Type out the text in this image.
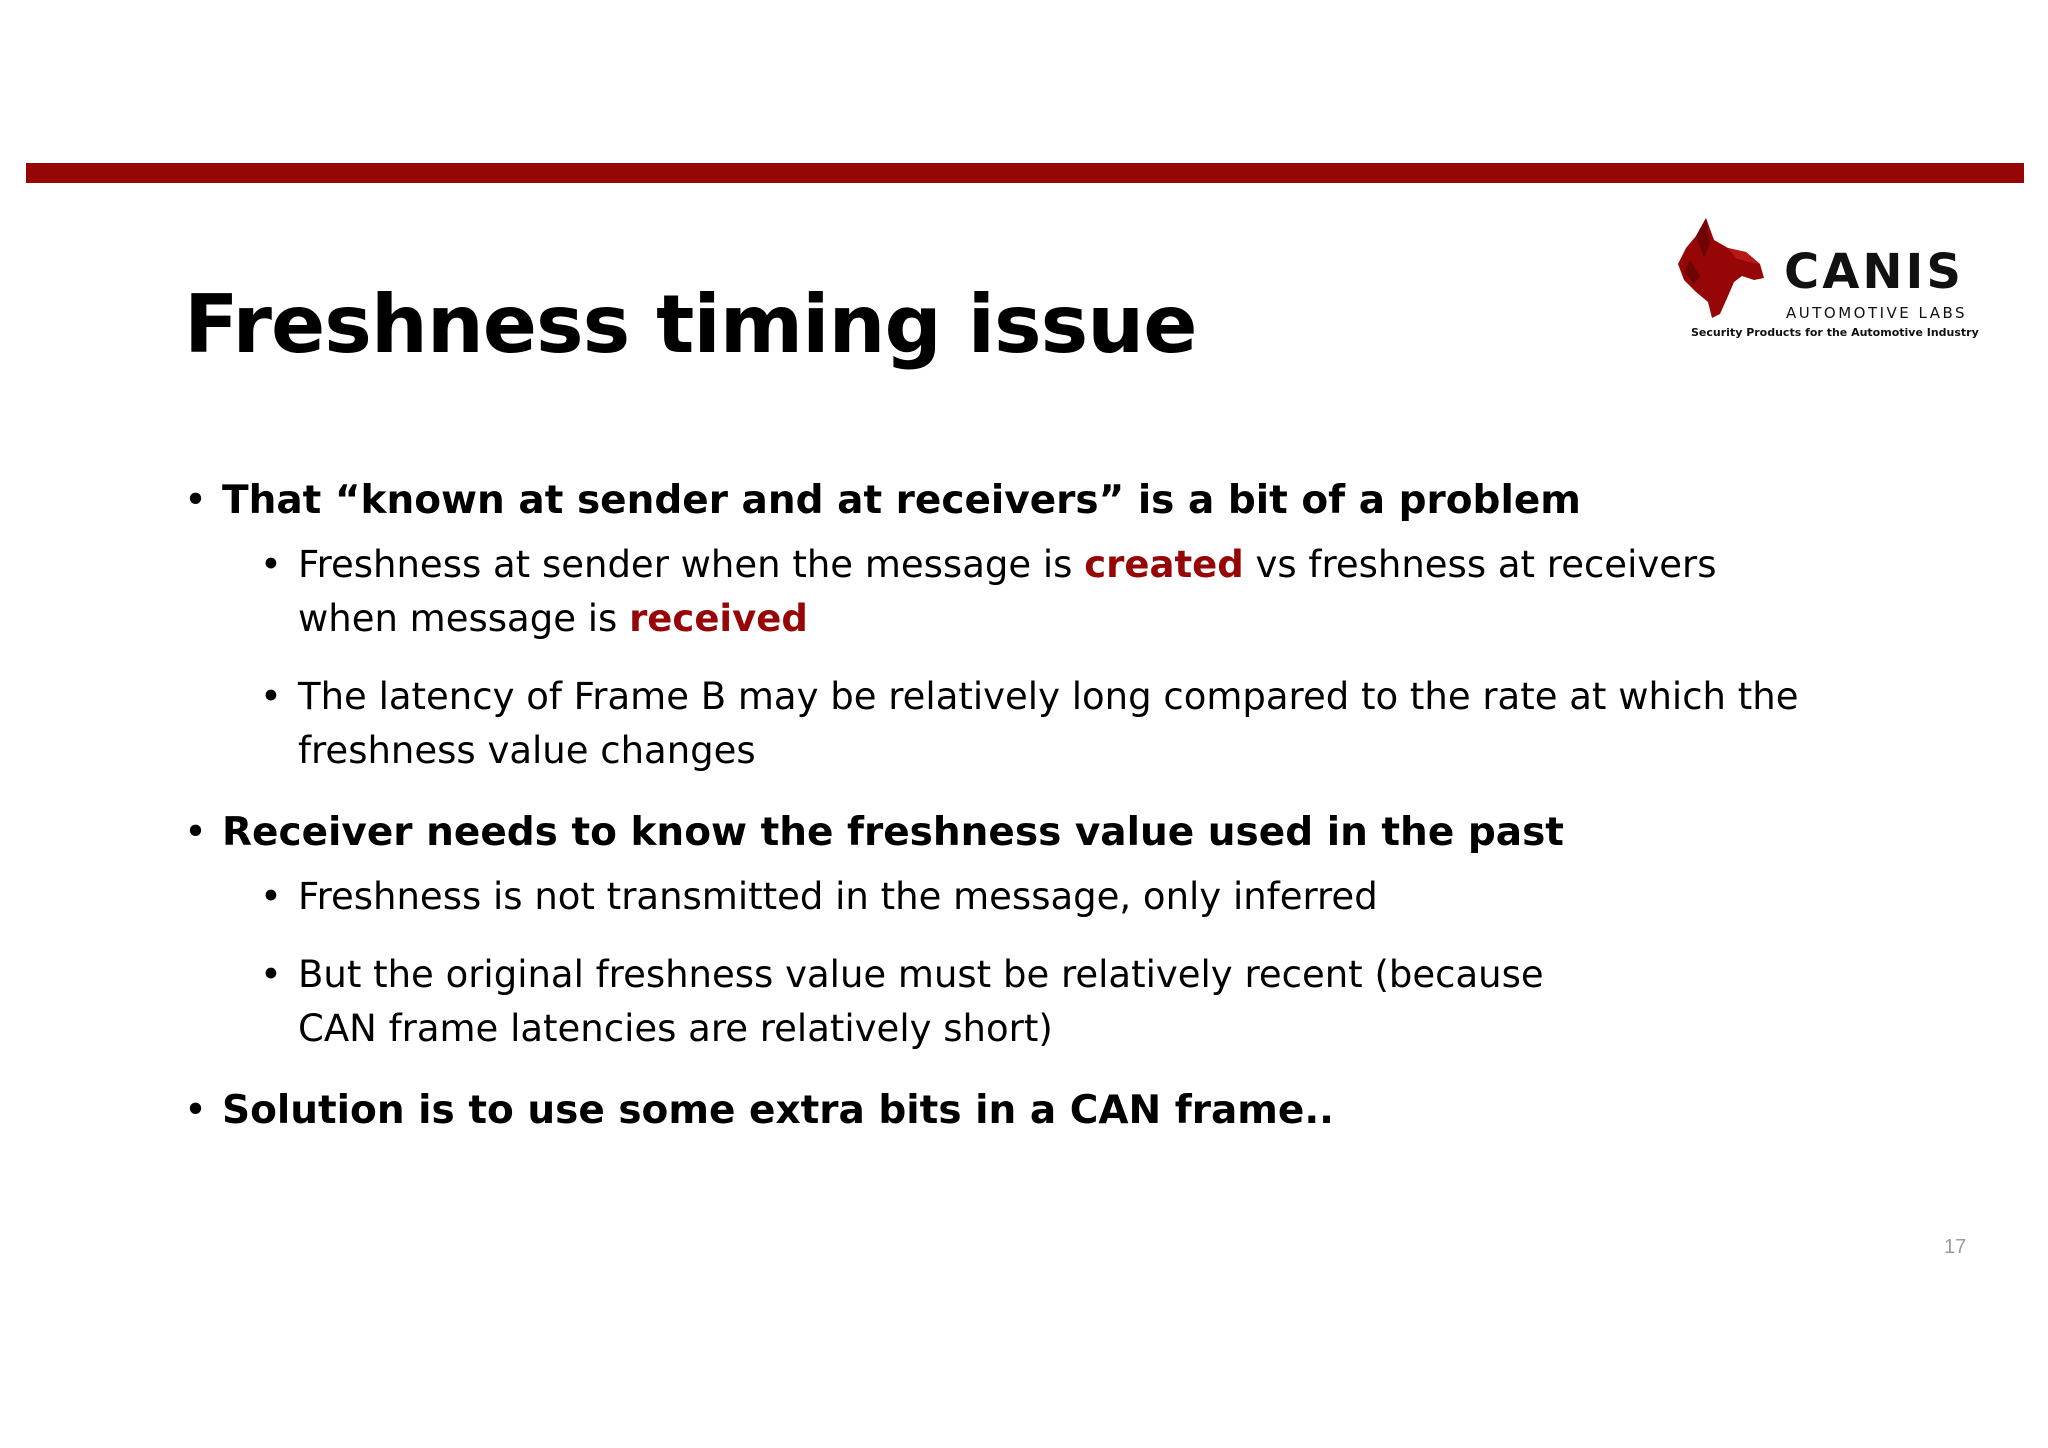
Freshness timing issue
CANIS
AUTOMOTIVE LABS
Security Products for the Automotive Industry
• That “known at sender and at receivers” is a bit of a problem
• Freshness at sender when the message is created vs freshness at receivers when message is received
• The latency of Frame B may be relatively long compared to the rate at which the freshness value changes
• Receiver needs to know the freshness value used in the past
• Freshness is not transmitted in the message, only inferred
• But the original freshness value must be relatively recent (because
CAN frame latencies are relatively short)
• Solution is to use some extra bits in a CAN frame..
17
